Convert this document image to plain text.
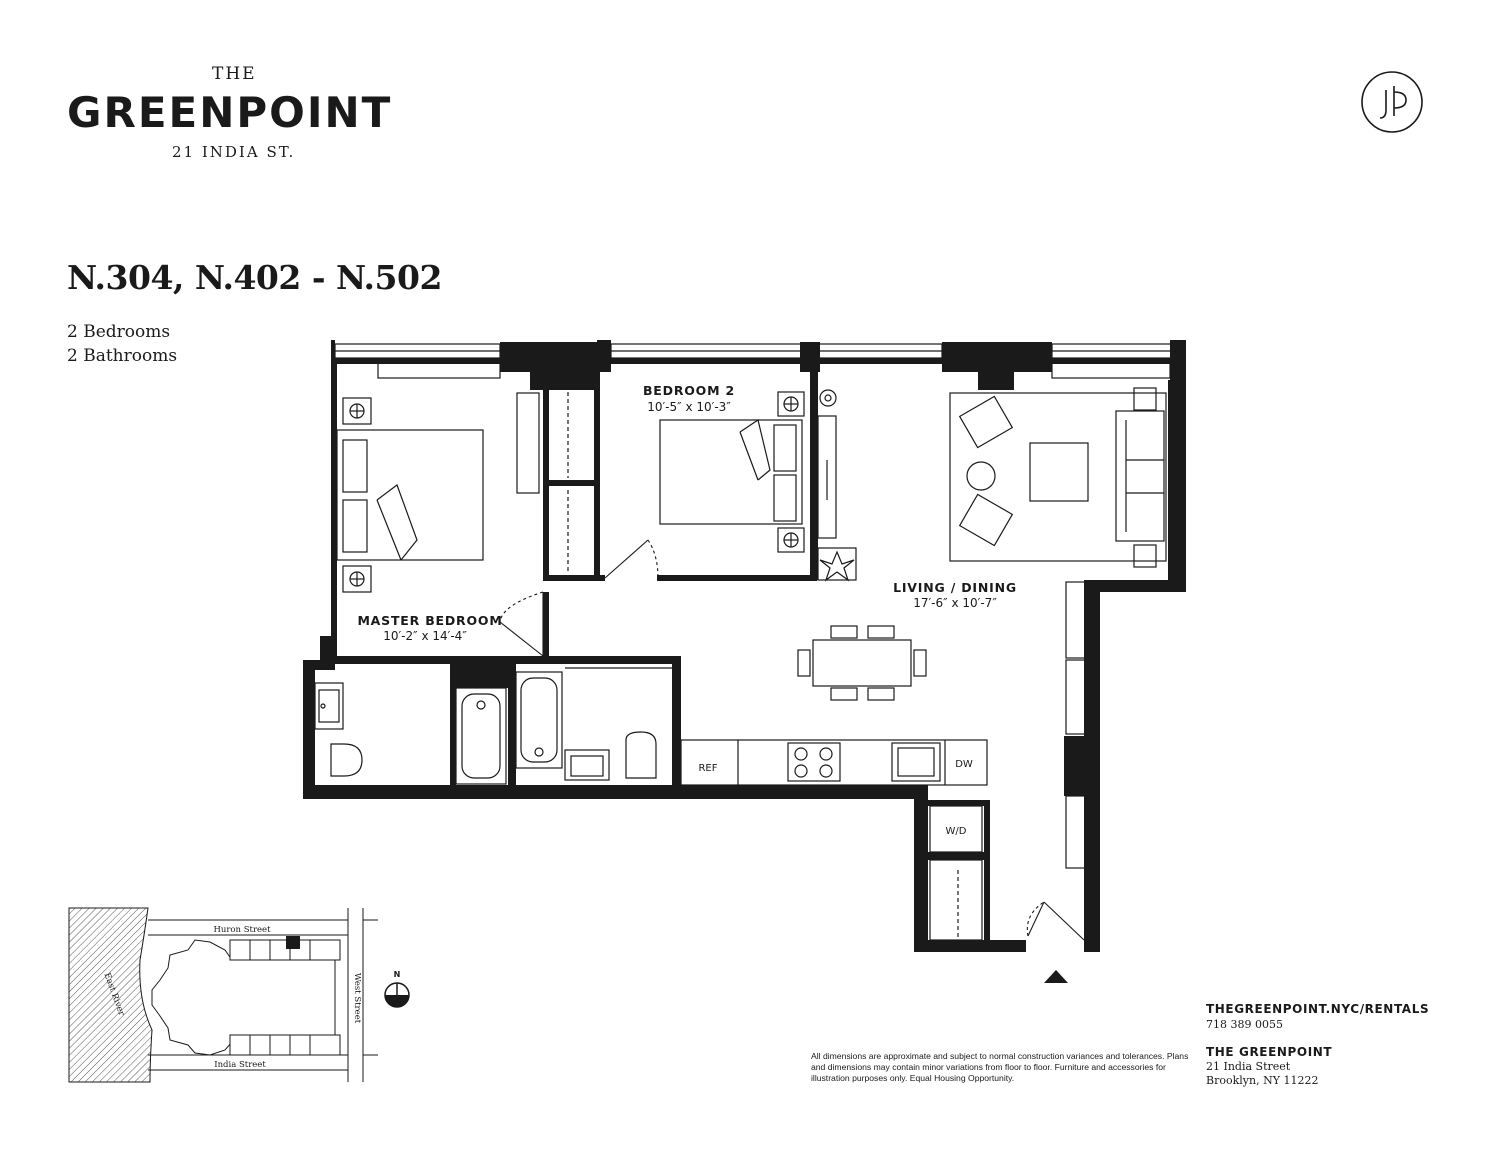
THE
GREENPOINT
21 INDIA ST.
N.304, N.402 - N.502
2 Bedrooms
2 Bathrooms
MASTER BEDROOM
10′-2″ x 14′-4″
BEDROOM 2
10′-5″ x 10′-3″
LIVING / DINING
17′-6″ x 10′-7″
REF	DW
W/D
Huron Street
India Street
West Street
East River	N
All dimensions are approximate and subject to normal construction variances and tolerances. Plans and dimensions may contain minor variations from floor to floor. Furniture and accessories for illustration purposes only. Equal Housing Opportunity.
THEGREENPOINT.NYC/RENTALS
718 389 0055
THE GREENPOINT
21 India Street
Brooklyn, NY 11222
